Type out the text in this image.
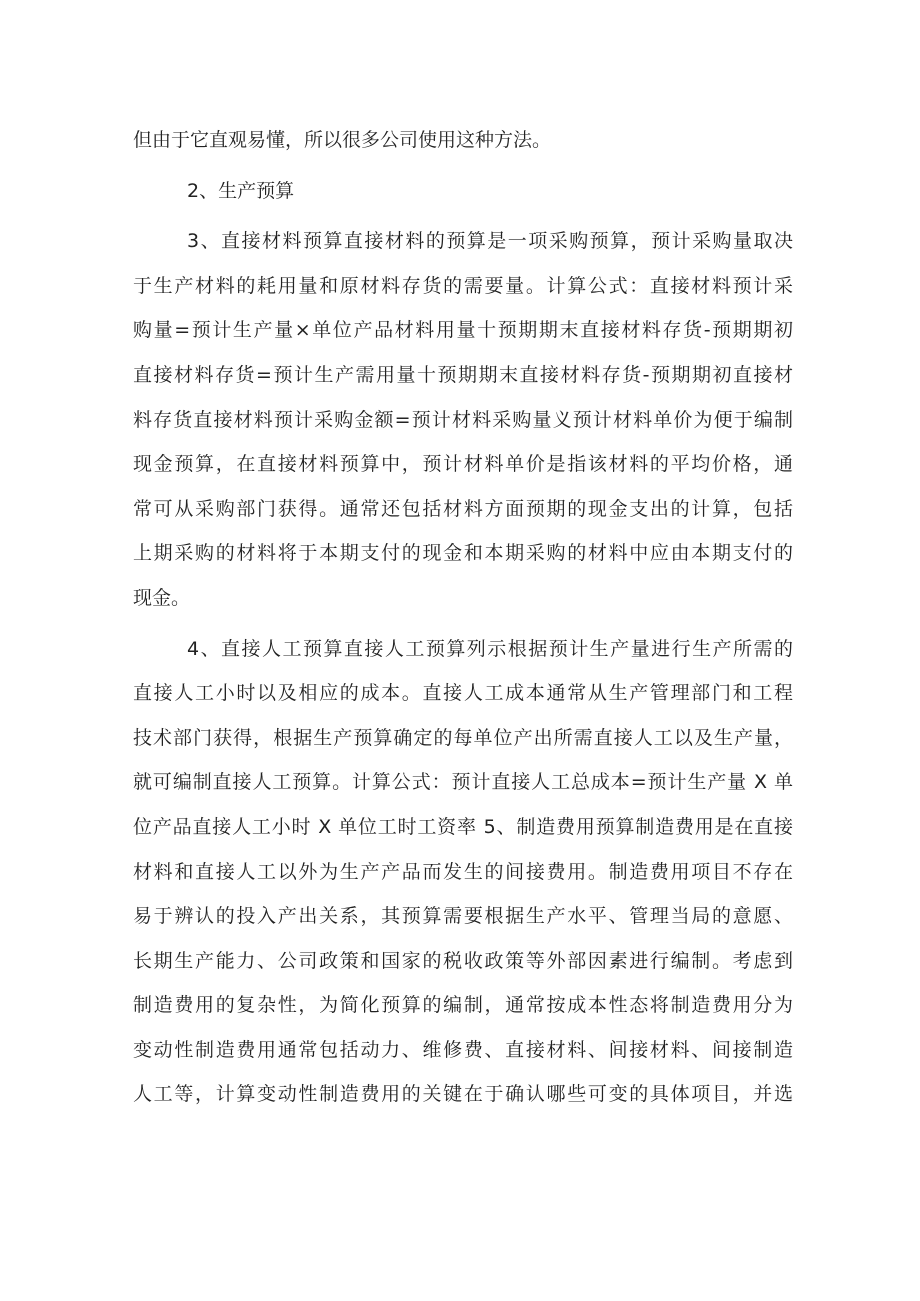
但由于它直观易懂，所以很多公司使用这种方法。
2、生产预算
3、直接材料预算直接材料的预算是一项采购预算，预计采购量取决
于生产材料的耗用量和原材料存货的需要量。计算公式：直接材料预计采
购量=预计生产量×单位产品材料用量十预期期末直接材料存货-预期期初
直接材料存货=预计生产需用量十预期期末直接材料存货-预期期初直接材
料存货直接材料预计采购金额=预计材料采购量义预计材料单价为便于编制
现金预算，在直接材料预算中，预计材料单价是指该材料的平均价格，通
常可从采购部门获得。通常还包括材料方面预期的现金支出的计算，包括
上期采购的材料将于本期支付的现金和本期采购的材料中应由本期支付的
现金。
4、直接人工预算直接人工预算列示根据预计生产量进行生产所需的
直接人工小时以及相应的成本。直接人工成本通常从生产管理部门和工程
技术部门获得，根据生产预算确定的每单位产出所需直接人工以及生产量，
就可编制直接人工预算。计算公式：预计直接人工总成本=预计生产量 X 单
位产品直接人工小时 X 单位工时工资率 5、制造费用预算制造费用是在直接
材料和直接人工以外为生产产品而发生的间接费用。制造费用项目不存在
易于辨认的投入产出关系，其预算需要根据生产水平、管理当局的意愿、
长期生产能力、公司政策和国家的税收政策等外部因素进行编制。考虑到
制造费用的复杂性，为简化预算的编制，通常按成本性态将制造费用分为
变动性制造费用通常包括动力、维修费、直接材料、间接材料、间接制造
人工等，计算变动性制造费用的关键在于确认哪些可变的具体项目，并选
